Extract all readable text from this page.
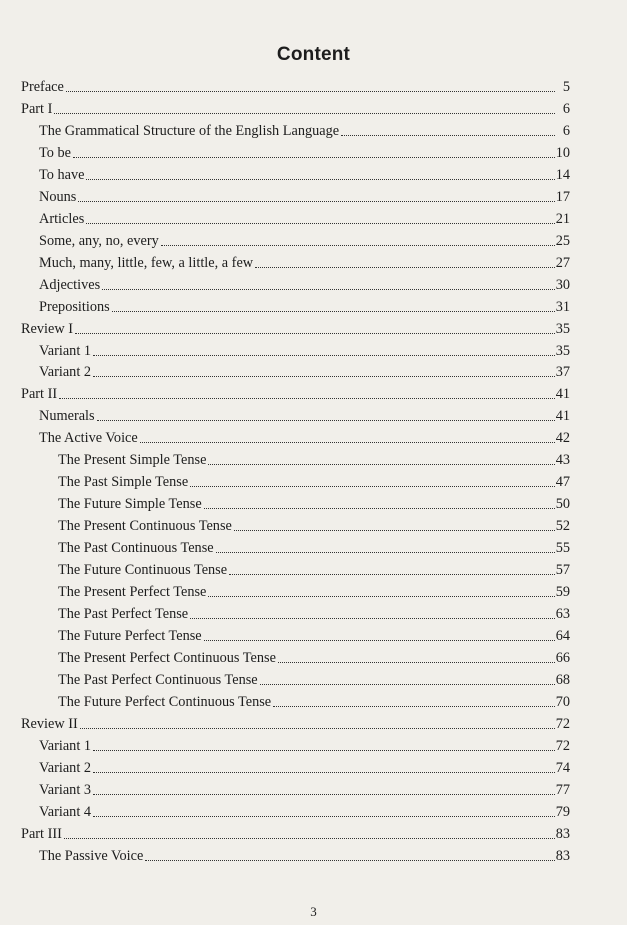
Content
Preface	5
Part I	6
The Grammatical Structure of the English Language	6
To be	10
To have	14
Nouns	17
Articles	21
Some, any, no, every	25
Much, many, little, few, a little, a few	27
Adjectives	30
Prepositions	31
Review I	35
Variant 1	35
Variant 2	37
Part II	41
Numerals	41
The Active Voice	42
The Present Simple Tense	43
The Past Simple Tense	47
The Future Simple Tense	50
The Present Continuous Tense	52
The Past Continuous Tense	55
The Future Continuous Tense	57
The Present Perfect Tense	59
The Past Perfect Tense	63
The Future Perfect Tense	64
The Present Perfect Continuous Tense	66
The Past Perfect Continuous Tense	68
The Future Perfect Continuous Tense	70
Review II	72
Variant 1	72
Variant 2	74
Variant 3	77
Variant 4	79
Part III	83
The Passive Voice	83
3
